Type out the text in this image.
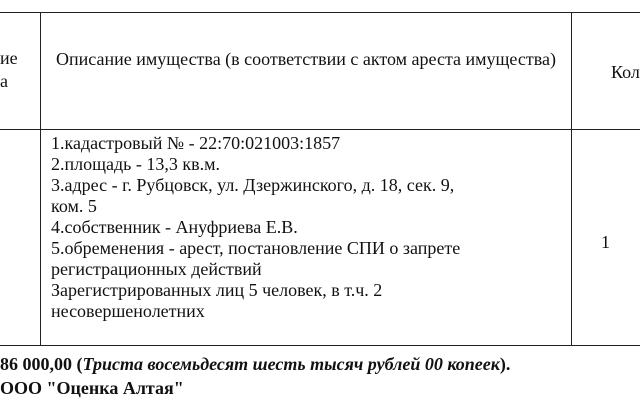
ие
а
Описание имущества (в соответствии с актом ареста имущества)
Кол
1.кадастровый № - 22:70:021003:1857
2.площадь - 13,3 кв.м.
3.адрес - г. Рубцовск, ул. Дзержинского, д. 18, сек. 9,
ком. 5
4.собственник - Ануфриева Е.В.
5.обременения - арест, постановление СПИ о запрете
регистрационных действий
Зарегистрированных лиц 5 человек, в т.ч. 2
несовершенолетних
1
86 000,00 (Триста восемьдесят шесть тысяч рублей 00 копеек).
ООО "Оценка Алтая"
